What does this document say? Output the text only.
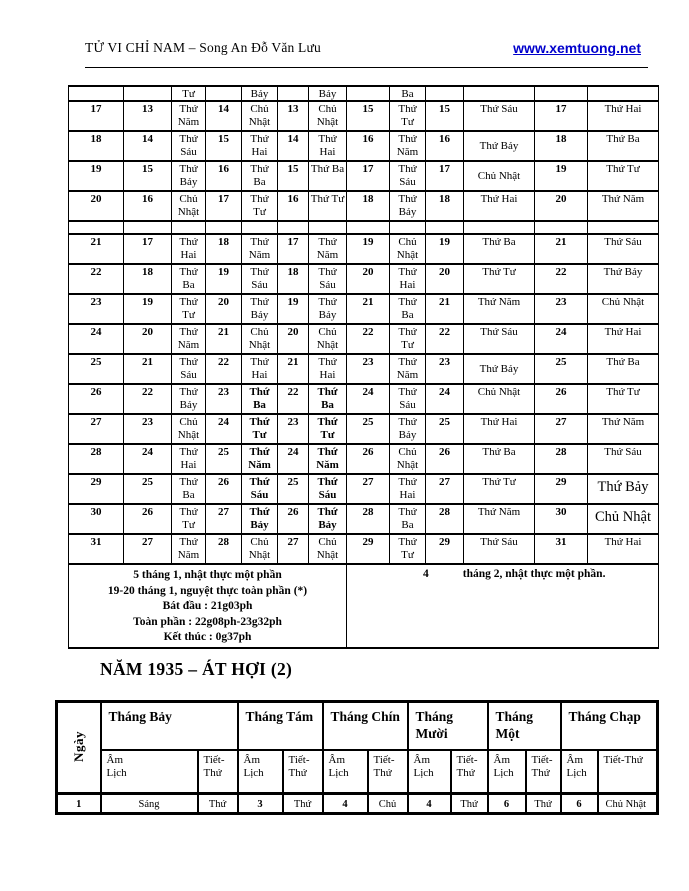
TỬ VI CHỈ NAM – Song An Đỗ Văn Lưu	www.xemtuong.net
		Tư		Bảy		Bảy		Ba				
17	13	Thứ Năm	14	Chủ Nhật	13	Chủ Nhật	15	Thứ Tư	15	Thứ Sáu	17	Thứ Hai
18	14	Thứ Sáu	15	Thứ Hai	14	Thứ Hai	16	Thứ Năm	16	Thứ Bảy	18	Thứ Ba
19	15	Thứ Bảy	16	Thứ Ba	15	Thứ Ba	17	Thứ Sáu	17	Chủ Nhật	19	Thứ Tư
20	16	Chủ Nhật	17	Thứ Tư	16	Thứ Tư	18	Thứ Bảy	18	Thứ Hai	20	Thứ Năm

21	17	Thứ Hai	18	Thứ Năm	17	Thứ Năm	19	Chủ Nhật	19	Thứ Ba	21	Thứ Sáu
22	18	Thứ Ba	19	Thứ Sáu	18	Thứ Sáu	20	Thứ Hai	20	Thứ Tư	22	Thứ Bảy
23	19	Thứ Tư	20	Thứ Bảy	19	Thứ Bảy	21	Thứ Ba	21	Thứ Năm	23	Chủ Nhật
24	20	Thứ Năm	21	Chủ Nhật	20	Chủ Nhật	22	Thứ Tư	22	Thứ Sáu	24	Thứ Hai
25	21	Thứ Sáu	22	Thứ Hai	21	Thứ Hai	23	Thứ Năm	23	Thứ Bảy	25	Thứ Ba
26	22	Thứ Bảy	23	Thứ Ba	22	Thứ Ba	24	Thứ Sáu	24	Chủ Nhật	26	Thứ Tư
27	23	Chủ Nhật	24	Thứ Tư	23	Thứ Tư	25	Thứ Bảy	25	Thứ Hai	27	Thứ Năm
28	24	Thứ Hai	25	Thứ Năm	24	Thứ Năm	26	Chủ Nhật	26	Thứ Ba	28	Thứ Sáu
29	25	Thứ Ba	26	Thứ Sáu	25	Thứ Sáu	27	Thứ Hai	27	Thứ Tư	29	Thứ Bảy
30	26	Thứ Tư	27	Thứ Bảy	26	Thứ Bảy	28	Thứ Ba	28	Thứ Năm	30	Chủ Nhật
31	27	Thứ Năm	28	Chủ Nhật	27	Chủ Nhật	29	Thứ Tư	29	Thứ Sáu	31	Thứ Hai

5 tháng 1, nhật thực một phần
19-20 tháng 1, nguyệt thực toàn phần (*)
Bát đầu : 21g03ph
Toàn phần : 22g08ph-23g32ph
Kết thúc : 0g37ph							4 tháng 2, nhật thực một phần.					
NĂM 1935 – ÁT HỢI (2)
Ngày	Tháng Bảy		Tháng Tám		Tháng Chín		Tháng Mười		Tháng Một		Tháng Chạp	
	Âm Lịch	Tiết-Thứ	Âm Lịch	Tiết-Thứ	Âm Lịch	Tiết-Thứ	Âm Lịch	Tiết-Thứ	Âm Lịch	Tiết-Thứ	Âm Lịch	Tiết-Thứ
1	Sáng	Thứ	3	Thứ	4	Chủ	4	Thứ	6	Thứ	6	Chủ Nhật
